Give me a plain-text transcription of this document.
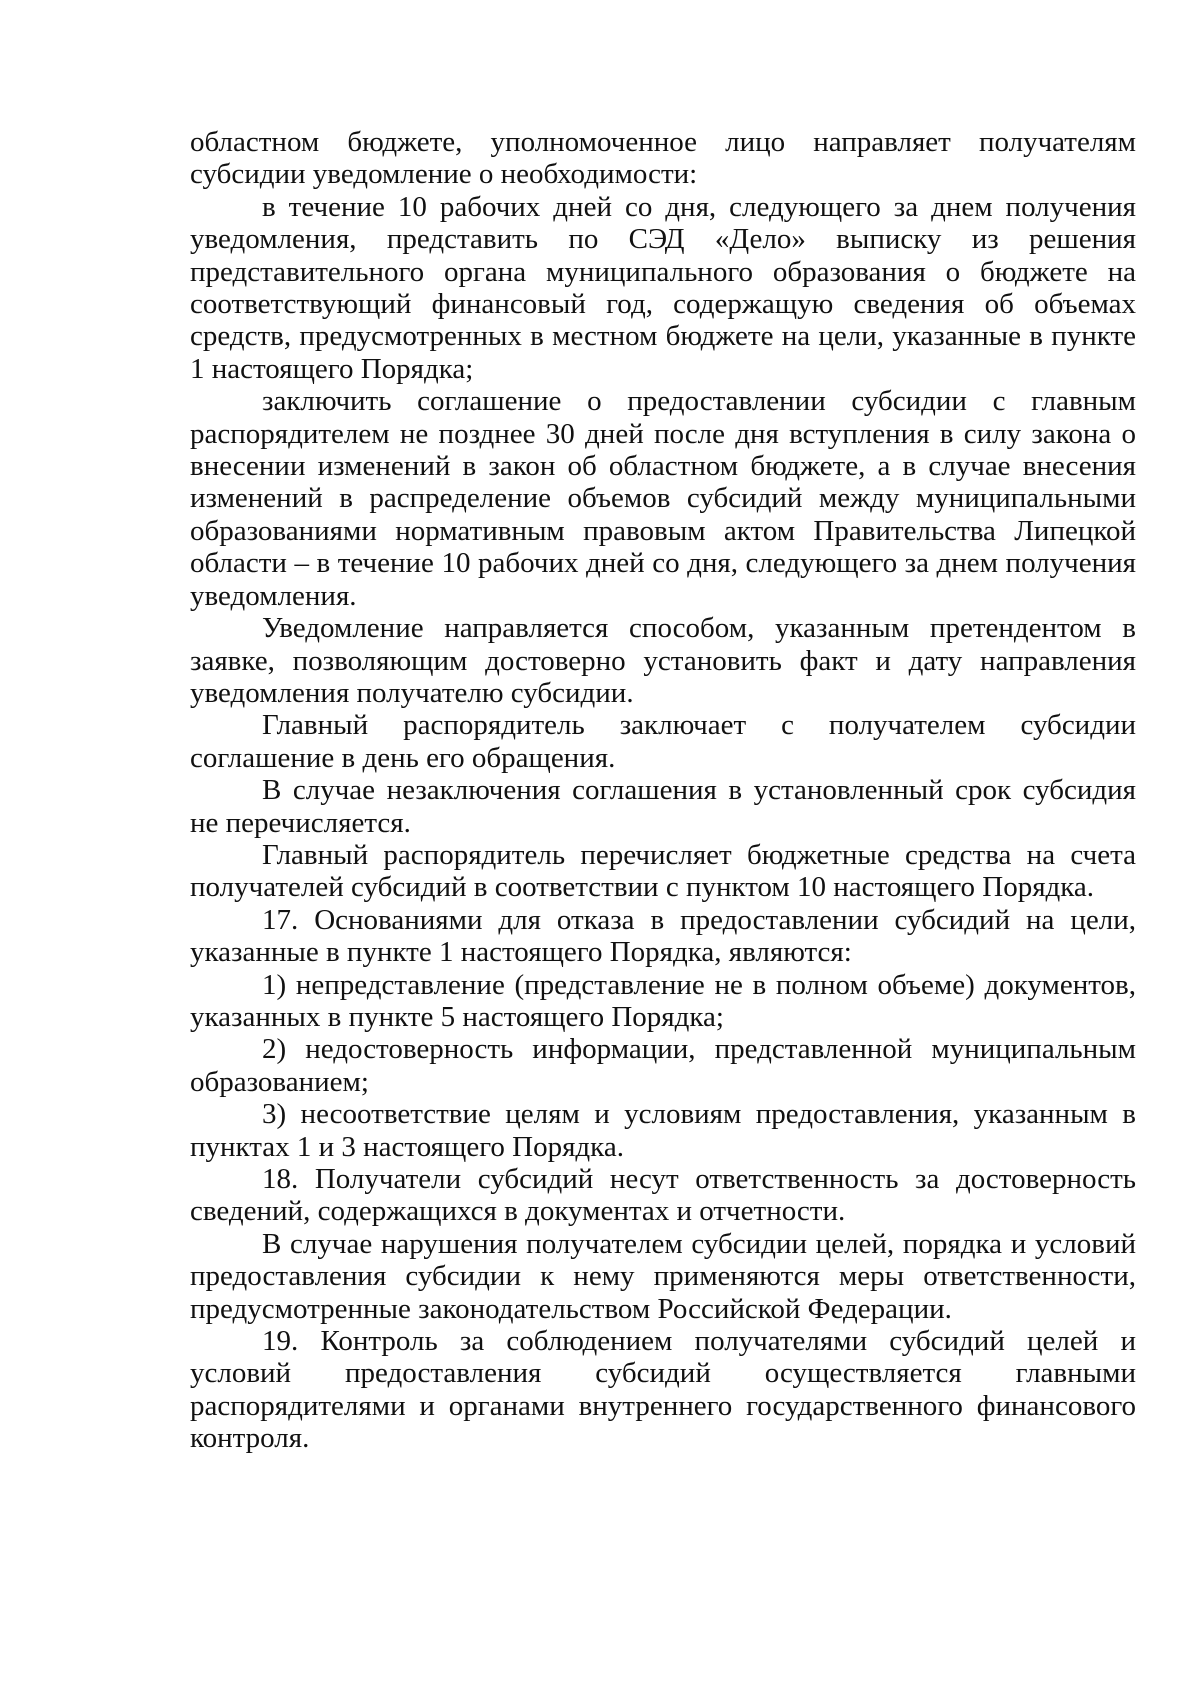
областном бюджете, уполномоченное лицо направляет получателям субсидии уведомление о необходимости:

в течение 10 рабочих дней со дня, следующего за днем получения уведомления, представить по СЭД «Дело» выписку из решения представительного органа муниципального образования о бюджете на соответствующий финансовый год, содержащую сведения об объемах средств, предусмотренных в местном бюджете на цели, указанные в пункте 1 настоящего Порядка;

заключить соглашение о предоставлении субсидии с главным распорядителем не позднее 30 дней после дня вступления в силу закона о внесении изменений в закон об областном бюджете, а в случае внесения изменений в распределение объемов субсидий между муниципальными образованиями нормативным правовым актом Правительства Липецкой области – в течение 10 рабочих дней со дня, следующего за днем получения уведомления.

Уведомление направляется способом, указанным претендентом в заявке, позволяющим достоверно установить факт и дату направления уведомления получателю субсидии.

Главный распорядитель заключает с получателем субсидии соглашение в день его обращения.

В случае незаключения соглашения в установленный срок субсидия не перечисляется.

Главный распорядитель перечисляет бюджетные средства на счета получателей субсидий в соответствии с пунктом 10 настоящего Порядка.

17. Основаниями для отказа в предоставлении субсидий на цели, указанные в пункте 1 настоящего Порядка, являются:

1) непредставление (представление не в полном объеме) документов, указанных в пункте 5 настоящего Порядка;

2) недостоверность информации, представленной муниципальным образованием;

3) несоответствие целям и условиям предоставления, указанным в пунктах 1 и 3 настоящего Порядка.

18. Получатели субсидий несут ответственность за достоверность сведений, содержащихся в документах и отчетности.

В случае нарушения получателем субсидии целей, порядка и условий предоставления субсидии к нему применяются меры ответственности, предусмотренные законодательством Российской Федерации.

19. Контроль за соблюдением получателями субсидий целей и условий предоставления субсидий осуществляется главными распорядителями и органами внутреннего государственного финансового контроля.
